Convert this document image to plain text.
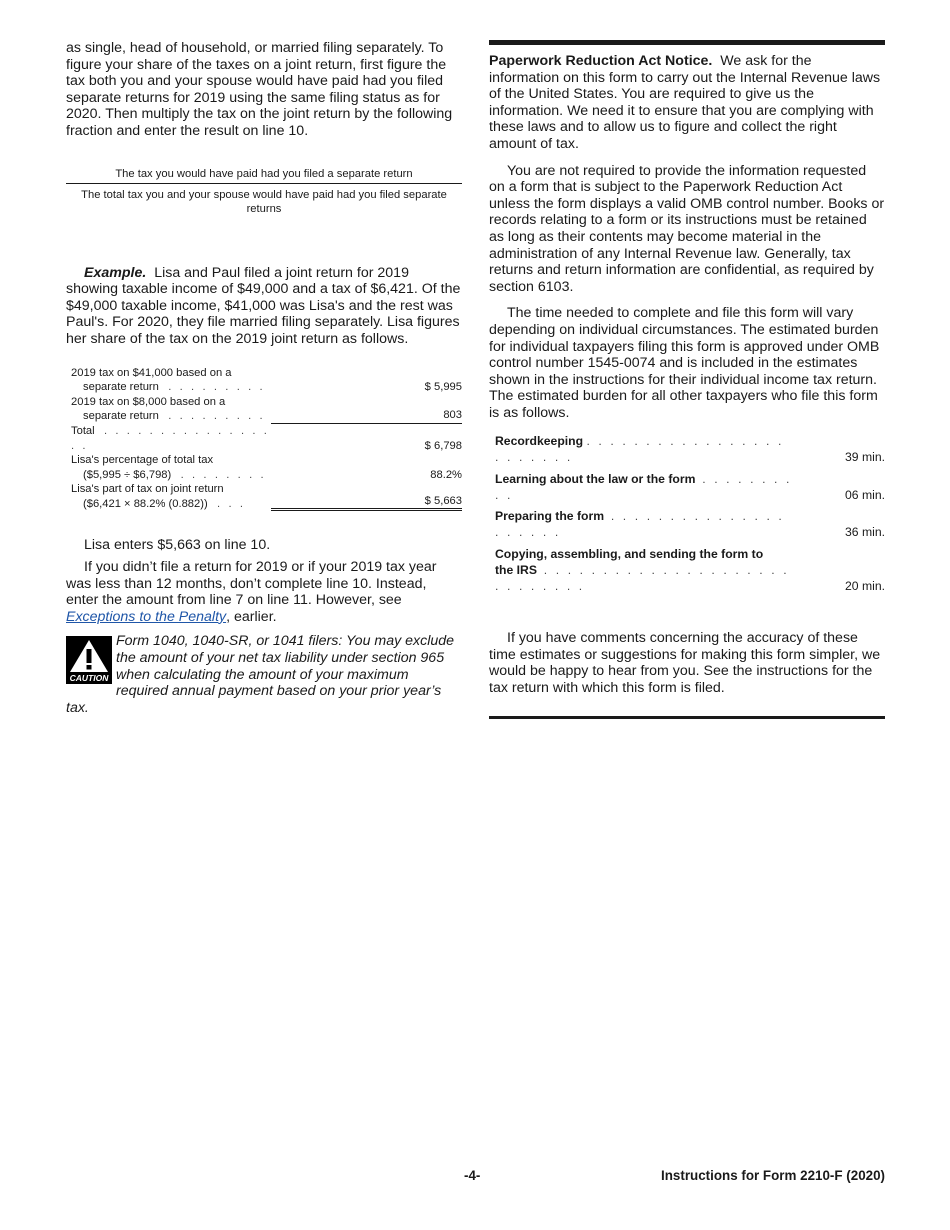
as single, head of household, or married filing separately. To figure your share of the taxes on a joint return, first figure the tax both you and your spouse would have paid had you filed separate returns for 2019 using the same filing status as for 2020. Then multiply the tax on the joint return by the following fraction and enter the result on line 10.

The tax you would have paid had you filed a separate return
The total tax you and your spouse would have paid had you filed separate returns

Example. Lisa and Paul filed a joint return for 2019 showing taxable income of $49,000 and a tax of $6,421. Of the $49,000 taxable income, $41,000 was Lisa's and the rest was Paul's. For 2020, they file married filing separately. Lisa figures her share of the tax on the 2019 joint return as follows.

2019 tax on $41,000 based on a
separate return . . . . . . . . .	$ 5,995
2019 tax on $8,000 based on a
separate return . . . . . . . . .	803
Total . . . . . . . . . . . . . . . . .	$ 6,798
Lisa's percentage of total tax
($5,995 ÷ $6,798) . . . . . . . .	88.2%
Lisa's part of tax on joint return
($6,421 × 88.2% (0.882)) . . .	$ 5,663

Lisa enters $5,663 on line 10.

If you didn’t file a return for 2019 or if your 2019 tax year was less than 12 months, don’t complete line 10. Instead, enter the amount from line 7 on line 11. However, see Exceptions to the Penalty, earlier.

CAUTION

Form 1040, 1040-SR, or 1041 filers: You may exclude the amount of your net tax liability under section 965 when calculating the amount of your maximum required annual payment based on your prior year’s tax.

Paperwork Reduction Act Notice. We ask for the information on this form to carry out the Internal Revenue laws of the United States. You are required to give us the information. We need it to ensure that you are complying with these laws and to allow us to figure and collect the right amount of tax.

You are not required to provide the information requested on a form that is subject to the Paperwork Reduction Act unless the form displays a valid OMB control number. Books or records relating to a form or its instructions must be retained as long as their contents may become material in the administration of any Internal Revenue law. Generally, tax returns and return information are confidential, as required by section 6103.

The time needed to complete and file this form will vary depending on individual circumstances. The estimated burden for individual taxpayers filing this form is approved under OMB control number 1545-0074 and is included in the estimates shown in the instructions for their individual income tax return. The estimated burden for all other taxpayers who file this form is as follows.

Recordkeeping . . . . . . . . . . . . . . . . . . . . . . . .	39 min.
Learning about the law or the form . . . . . . . . . .	06 min.
Preparing the form . . . . . . . . . . . . . . . . . . . . .	36 min.
Copying, assembling, and sending the form to
the IRS . . . . . . . . . . . . . . . . . . . . . . . . . . . . .	20 min.

If you have comments concerning the accuracy of these time estimates or suggestions for making this form simpler, we would be happy to hear from you. See the instructions for the tax return with which this form is filed.

-4-	Instructions for Form 2210-F (2020)
